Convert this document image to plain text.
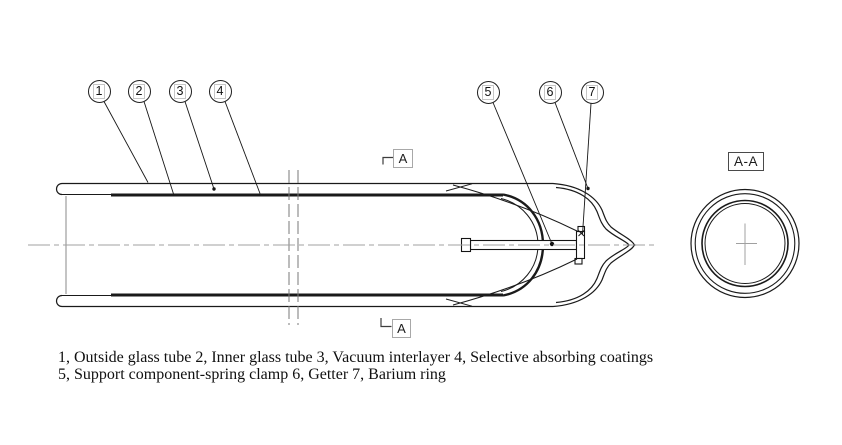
1	2	3	4	5	6	7
A
A
A-A
1, Outside glass tube 2, Inner glass tube 3, Vacuum interlayer 4, Selective absorbing coatings
5, Support component-spring clamp 6, Getter 7, Barium ring
